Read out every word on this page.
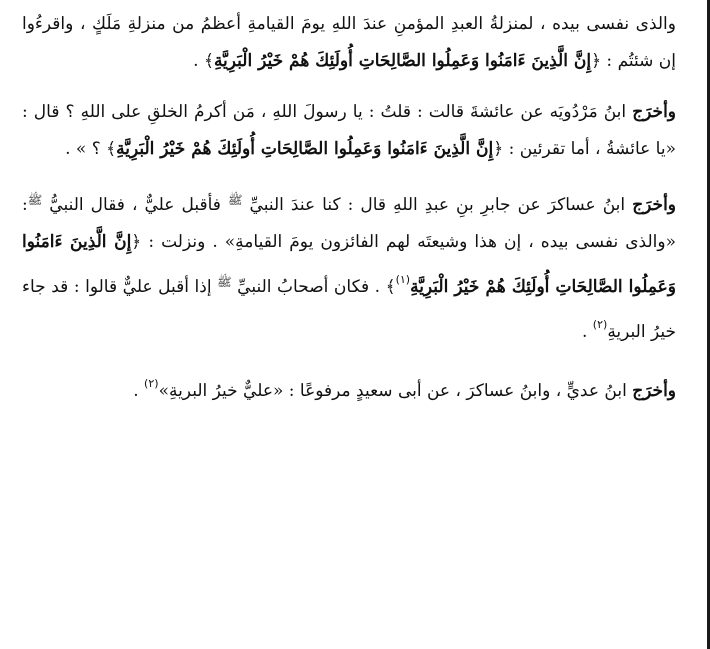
والذى نفسى بيده ، لمنزلةُ العبدِ المؤمنِ عندَ اللهِ يومَ القيامةِ أعظمُ من منزلةِ مَلَكٍ ، واقرءُوا إن شئتُم : ﴿إِنَّ الَّذِينَ ءَامَنُوا وَعَمِلُوا الصَّالِحَاتِ أُولَئِكَ هُمْ خَيْرُ الْبَرِيَّةِ﴾ .

وأخرَج ابنُ مَرْدُويَه عن عائشةَ قالت : قلتُ : يا رسولَ اللهِ ، مَن أكرمُ الخلقِ على اللهِ ؟ قال : «يا عائشةُ ، أما تقرئين : ﴿إِنَّ الَّذِينَ ءَامَنُوا وَعَمِلُوا الصَّالِحَاتِ أُولَئِكَ هُمْ خَيْرُ الْبَرِيَّةِ﴾ ؟ » .

وأخرَج ابنُ عساكرَ عن جابرِ بنِ عبدِ اللهِ قال : كنا عندَ النبيِّ $^ﷺ$ فأقبل عليٌّ ، فقال النبيُّ $^ﷺ$: «والذى نفسى بيده ، إن هذا وشيعتَه لهم الفائزون يومَ القيامةِ» . ونزلت : ﴿إِنَّ الَّذِينَ ءَامَنُوا وَعَمِلُوا الصَّالِحَاتِ أُولَئِكَ هُمْ خَيْرُ الْبَرِيَّةِ$^{(١)}$﴾ . فكان أصحابُ النبيِّ $^ﷺ$ إذا أقبل عليٌّ قالوا : قد جاء خيرُ البريةِ$^{(٢)}$ .

وأخرَج ابنُ عديٍّ ، وابنُ عساكرَ ، عن أبى سعيدٍ مرفوعًا : «عليٌّ خيرُ البريةِ»$^{(٢)}$ .
